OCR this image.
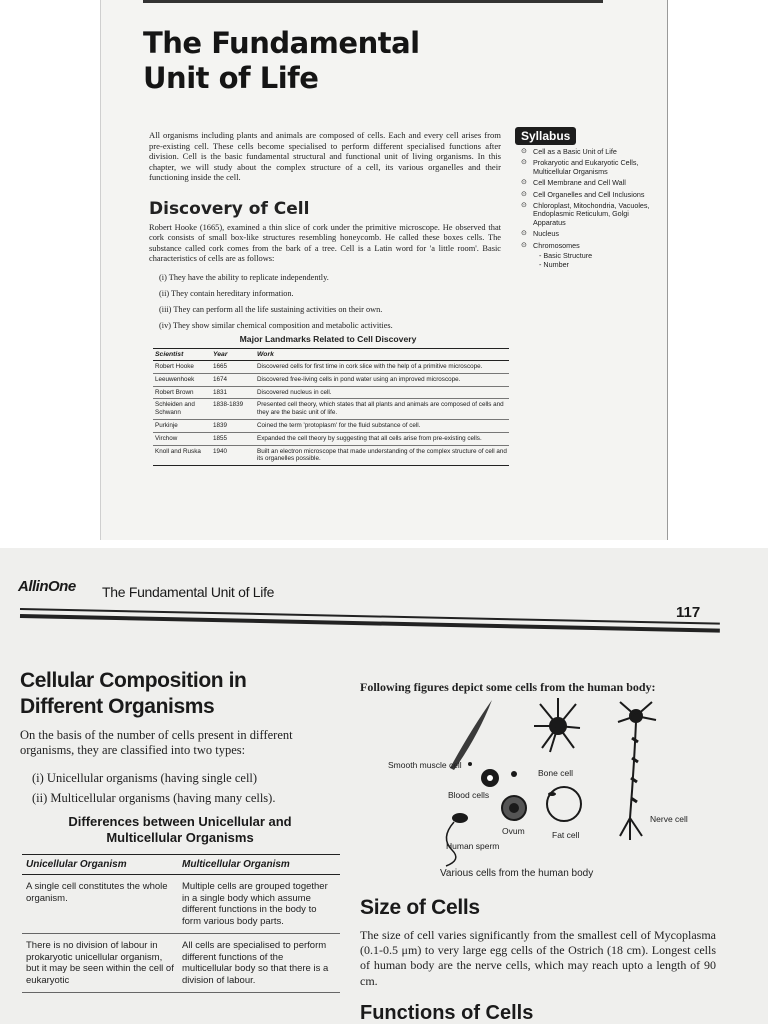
The Fundamental Unit of Life

All organisms including plants and animals are composed of cells. Each and every cell arises from pre-existing cell. These cells become specialised to perform different specialised functions after division. Cell is the basic fundamental structural and functional unit of living organisms. In this chapter, we will study about the complex structure of a cell, its various organelles and their functioning inside the cell.

Discovery of Cell

Robert Hooke (1665), examined a thin slice of cork under the primitive microscope. He observed that cork consists of small box-like structures resembling honeycomb. He called these boxes cells. The substance called cork comes from the bark of a tree. Cell is a Latin word for 'a little room'. Basic characteristics of cells are as follows:

(i) They have the ability to replicate independently.
(ii) They contain hereditary information.
(iii) They can perform all the life sustaining activities on their own.
(iv) They show similar chemical composition and metabolic activities.
Major Landmarks Related to Cell Discovery
Scientist	Year	Work
Robert Hooke	1665	Discovered cells for first time in cork slice with the help of a primitive microscope.
Leeuwenhoek	1674	Discovered free-living cells in pond water using an improved microscope.
Robert Brown	1831	Discovered nucleus in cell.
Schleiden and Schwann	1838-1839	Presented cell theory, which states that all plants and animals are composed of cells and they are the basic unit of life.
Purkinje	1839	Coined the term 'protoplasm' for the fluid substance of cell.
Virchow	1855	Expanded the cell theory by suggesting that all cells arise from pre-existing cells.
Knoll and Ruska	1940	Built an electron microscope that made understanding of the complex structure of cell and its organelles possible.
Syllabus
⊙ Cell as a Basic Unit of Life
⊙ Prokaryotic and Eukaryotic Cells, Multicellular Organisms
⊙ Cell Membrane and Cell Wall
⊙ Cell Organelles and Cell Inclusions
⊙ Chloroplast, Mitochondria, Vacuoles, Endoplasmic Reticulum, Golgi Apparatus
⊙ Nucleus
⊙ Chromosomes
- Basic Structure
- Number
AllinOne The Fundamental Unit of Life
117
Cellular Composition in Different Organisms

On the basis of the number of cells present in different organisms, they are classified into two types:

(i) Unicellular organisms (having single cell)
(ii) Multicellular organisms (having many cells).
Differences between Unicellular and Multicellular Organisms
Unicellular Organism	Multicellular Organism
A single cell constitutes the whole organism.	Multiple cells are grouped together in a single body which assume different functions in the body to form various body parts.
There is no division of labour in prokaryotic unicellular organism, but it may be seen within the cell of eukaryotic	All cells are specialised to perform different functions of the multicellular body so that there is a division of labour.
Following figures depict some cells from the human body:
Smooth muscle cell
Bone cell
Blood cells
Ovum	Fat cell
Human sperm
Nerve cell
Various cells from the human body
Size of Cells

The size of cell varies significantly from the smallest cell of Mycoplasma (0.1-0.5 μm) to very large egg cells of the Ostrich (18 cm). Longest cells of human body are the nerve cells, which may reach upto a length of 90 cm.

Functions of Cells
